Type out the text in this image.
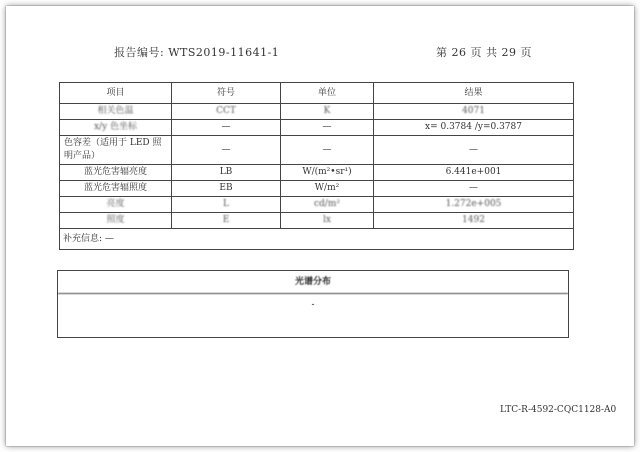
报告编号: WTS2019-11641-1	第 26 页 共 29 页
项目	符号	单位	结果
相关色温	CCT	K	4071
x/y 色坐标	—	—	x= 0.3784 /y=0.3787
色容差（适用于 LED 照明产品）	—	—	—
蓝光危害辐亮度	LB	W/(m²•sr¹)	6.441e+001
蓝光危害辐照度	EB	W/m²	—
亮度	L	cd/m²	1.272e+005
照度	E	lx	1492
补充信息: —			
光谱分布
-
LTC-R-4592-CQC1128-A0
